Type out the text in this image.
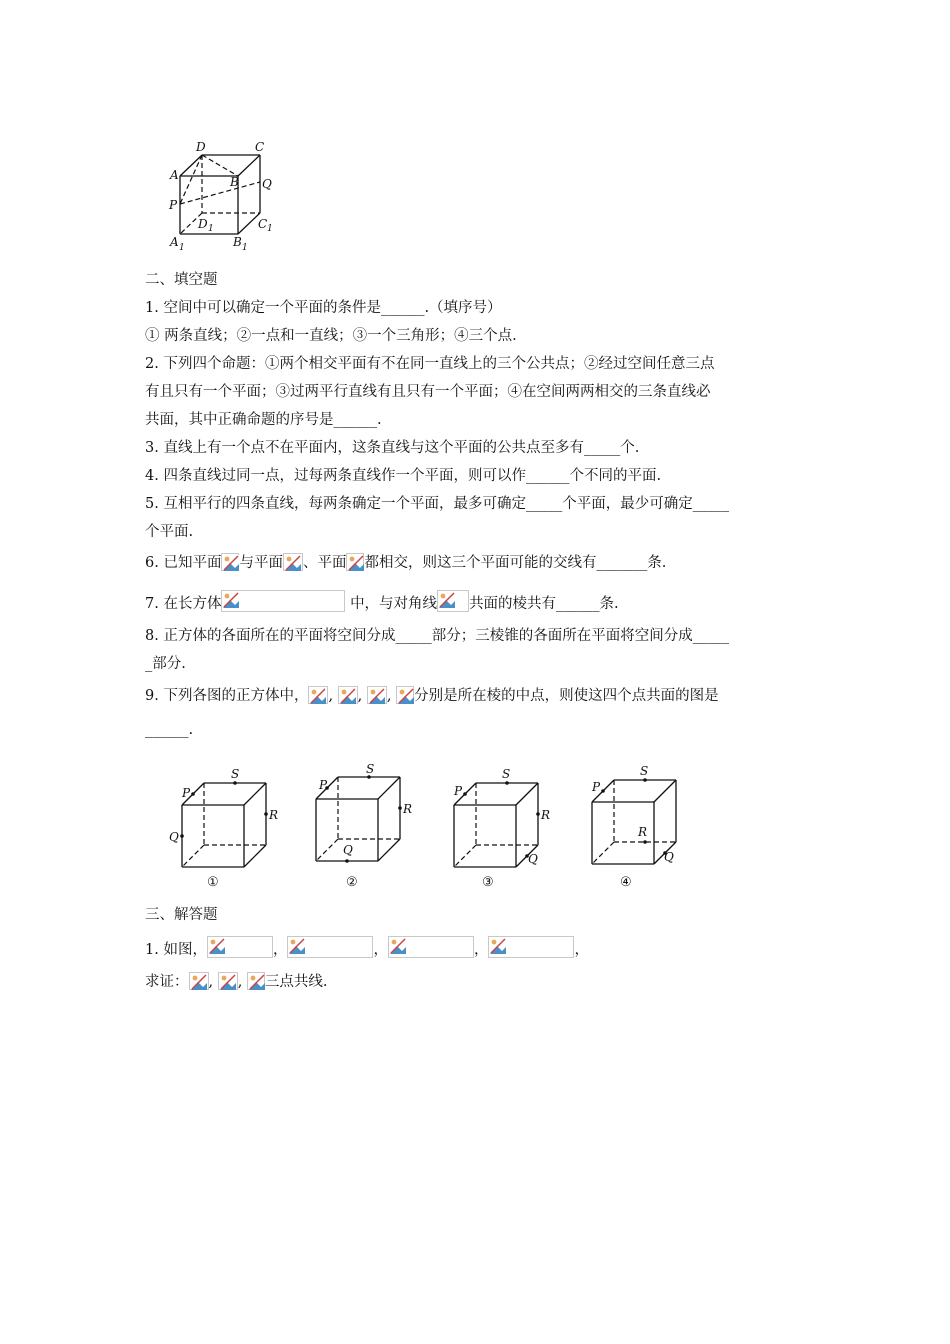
D	C
A	B Q
P
D 1	C 1
A 1	B 1
二、填空题
1. 空间中可以确定一个平面的条件是______.（填序号）
① 两条直线；②一点和一直线；③一个三角形；④三个点.
2. 下列四个命题：①两个相交平面有不在同一直线上的三个公共点；②经过空间任意三点
有且只有一个平面；③过两平行直线有且只有一个平面；④在空间两两相交的三条直线必
共面，其中正确命题的序号是______.
3. 直线上有一个点不在平面内，这条直线与这个平面的公共点至多有_____个.
4. 四条直线过同一点，过每两条直线作一个平面，则可以作______个不同的平面.
5. 互相平行的四条直线，每两条确定一个平面，最多可确定_____个平面，最少可确定_____
个平面.
6. 已知平面 与平面 、平面 都相交，则这三个平面可能的交线有_______条.
7. 在长方体	中，与对角线 共面的棱共有______条.
8. 正方体的各面所在的平面将空间分成_____部分；三棱锥的各面所在平面将空间分成_____
_部分.
9. 下列各图的正方体中， , , , 分别是所在棱的中点，则使这四个点共面的图是
______.
P
S
R
Q
①
P
S
R
Q
②
P
S
R
Q
③
P
S
R
Q
④
三、解答题
1. 如图，	，	，	，	，
求证： , , 三点共线.
